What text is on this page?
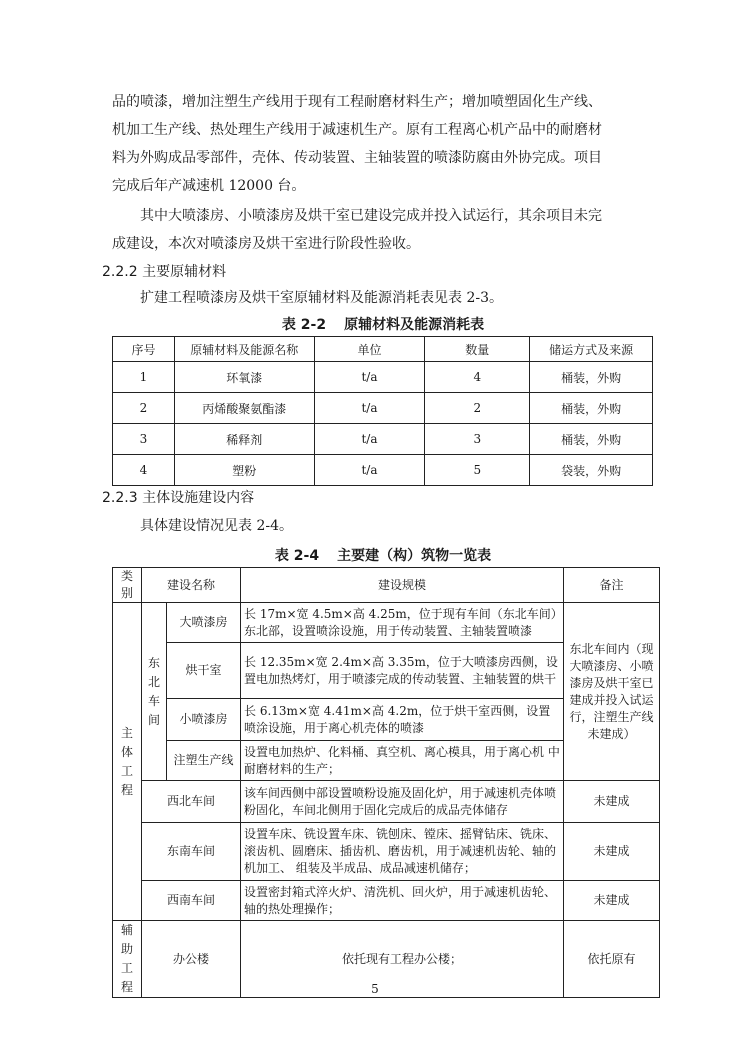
品的喷漆，增加注塑生产线用于现有工程耐磨材料生产；增加喷塑固化生产线、
机加工生产线、热处理生产线用于减速机生产。原有工程离心机产品中的耐磨材
料为外购成品零部件，壳体、传动装置、主轴装置的喷漆防腐由外协完成。项目
完成后年产减速机 12000 台。
其中大喷漆房、小喷漆房及烘干室已建设完成并投入试运行，其余项目未完
成建设，本次对喷漆房及烘干室进行阶段性验收。
2.2.2 主要原辅材料
扩建工程喷漆房及烘干室原辅材料及能源消耗表见表 2-3。
表 2-2 原辅材料及能源消耗表
序号	原辅材料及能源名称	单位	数量	储运方式及来源
1	环氧漆	t/a	4	桶装，外购
2	丙烯酸聚氨酯漆	t/a	2	桶装，外购
3	稀释剂	t/a	3	桶装，外购
4	塑粉	t/a	5	袋装，外购
2.2.3 主体设施建设内容
具体建设情况见表 2-4。
表 2-4 主要建（构）筑物一览表
类别	建设名称		建设规模	备注
主体工程	东北车间	大喷漆房	长 17m×宽 4.5m×高 4.25m，位于现有车间（东北车间）东北部，设置喷涂设施，用于传动装置、主轴装置喷漆	东北车间内（现大喷漆房、小喷漆房及烘干室已建成并投入试运行，注塑生产线未建成）
		烘干室	长 12.35m×宽 2.4m×高 3.35m，位于大喷漆房西侧，设置电加热烤灯，用于喷漆完成的传动装置、主轴装置的烘干	
		小喷漆房	长 6.13m×宽 4.41m×高 4.2m，位于烘干室西侧，设置喷涂设施，用于离心机壳体的喷漆	
		注塑生产线	设置电加热炉、化料桶、真空机、离心模具，用于离心机 中耐磨材料的生产；	
	西北车间		该车间西侧中部设置喷粉设施及固化炉，用于减速机壳体喷粉固化，车间北侧用于固化完成后的成品壳体储存	未建成
	东南车间		设置车床、铣设置车床、铣刨床、镗床、摇臂钻床、铣床、滚齿机、圆磨床、插齿机、磨齿机，用于减速机齿轮、轴的机加工、 组装及半成品、成品减速机储存；	未建成
	西南车间		设置密封箱式淬火炉、清洗机、回火炉，用于减速机齿轮、 轴的热处理操作；	未建成
辅助工程	办公楼		依托现有工程办公楼；	依托原有
5
